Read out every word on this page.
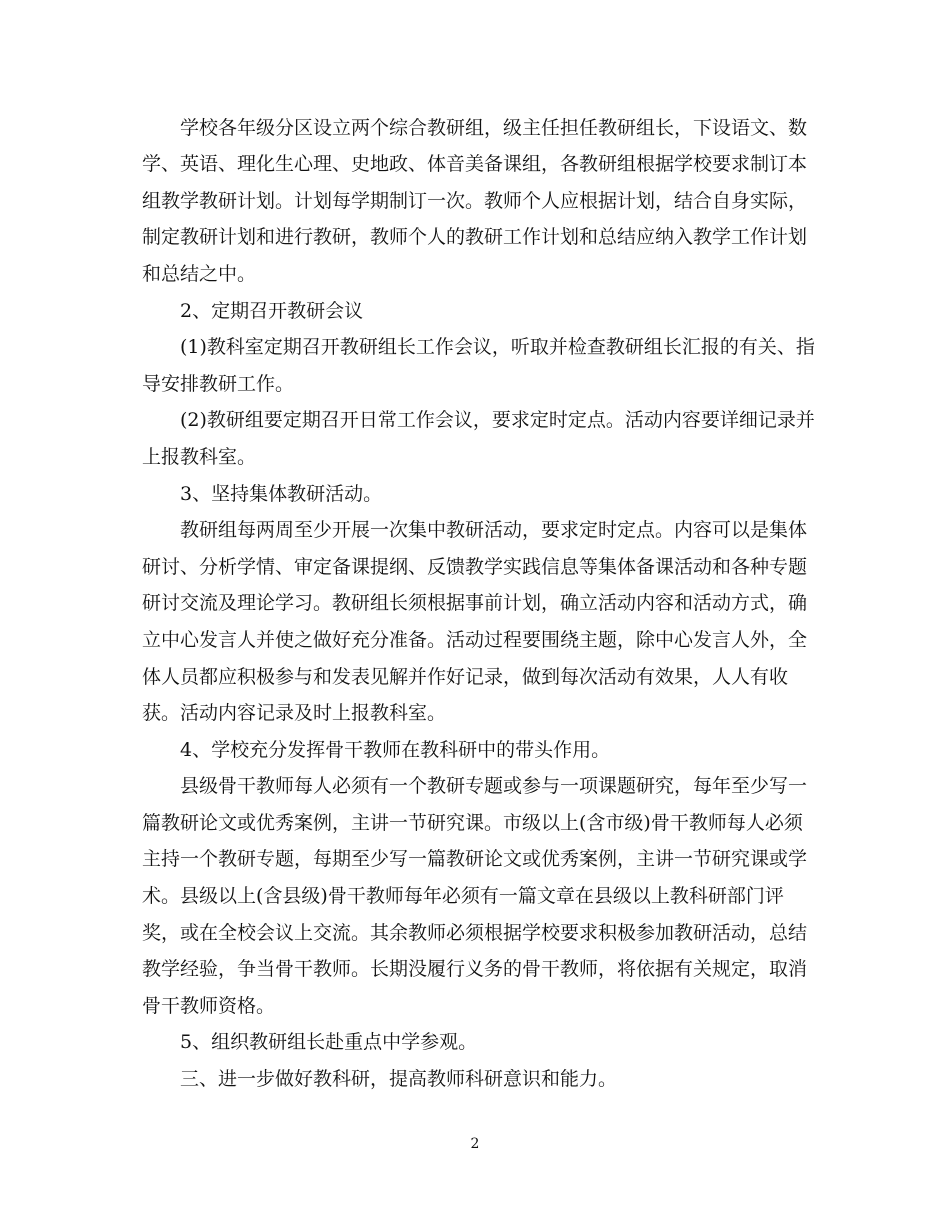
学校各年级分区设立两个综合教研组，级主任担任教研组长，下设语文、数
学、英语、理化生心理、史地政、体音美备课组，各教研组根据学校要求制订本
组教学教研计划。计划每学期制订一次。教师个人应根据计划，结合自身实际，
制定教研计划和进行教研，教师个人的教研工作计划和总结应纳入教学工作计划
和总结之中。
2、定期召开教研会议
(1)教科室定期召开教研组长工作会议，听取并检查教研组长汇报的有关、指
导安排教研工作。
(2)教研组要定期召开日常工作会议，要求定时定点。活动内容要详细记录并
上报教科室。
3、坚持集体教研活动。
教研组每两周至少开展一次集中教研活动，要求定时定点。内容可以是集体
研讨、分析学情、审定备课提纲、反馈教学实践信息等集体备课活动和各种专题
研讨交流及理论学习。教研组长须根据事前计划，确立活动内容和活动方式，确
立中心发言人并使之做好充分准备。活动过程要围绕主题，除中心发言人外，全
体人员都应积极参与和发表见解并作好记录，做到每次活动有效果，人人有收
获。活动内容记录及时上报教科室。
4、学校充分发挥骨干教师在教科研中的带头作用。
县级骨干教师每人必须有一个教研专题或参与一项课题研究，每年至少写一
篇教研论文或优秀案例，主讲一节研究课。市级以上(含市级)骨干教师每人必须
主持一个教研专题，每期至少写一篇教研论文或优秀案例，主讲一节研究课或学
术。县级以上(含县级)骨干教师每年必须有一篇文章在县级以上教科研部门评
奖，或在全校会议上交流。其余教师必须根据学校要求积极参加教研活动，总结
教学经验，争当骨干教师。长期没履行义务的骨干教师，将依据有关规定，取消
骨干教师资格。
5、组织教研组长赴重点中学参观。
三、进一步做好教科研，提高教师科研意识和能力。
2
